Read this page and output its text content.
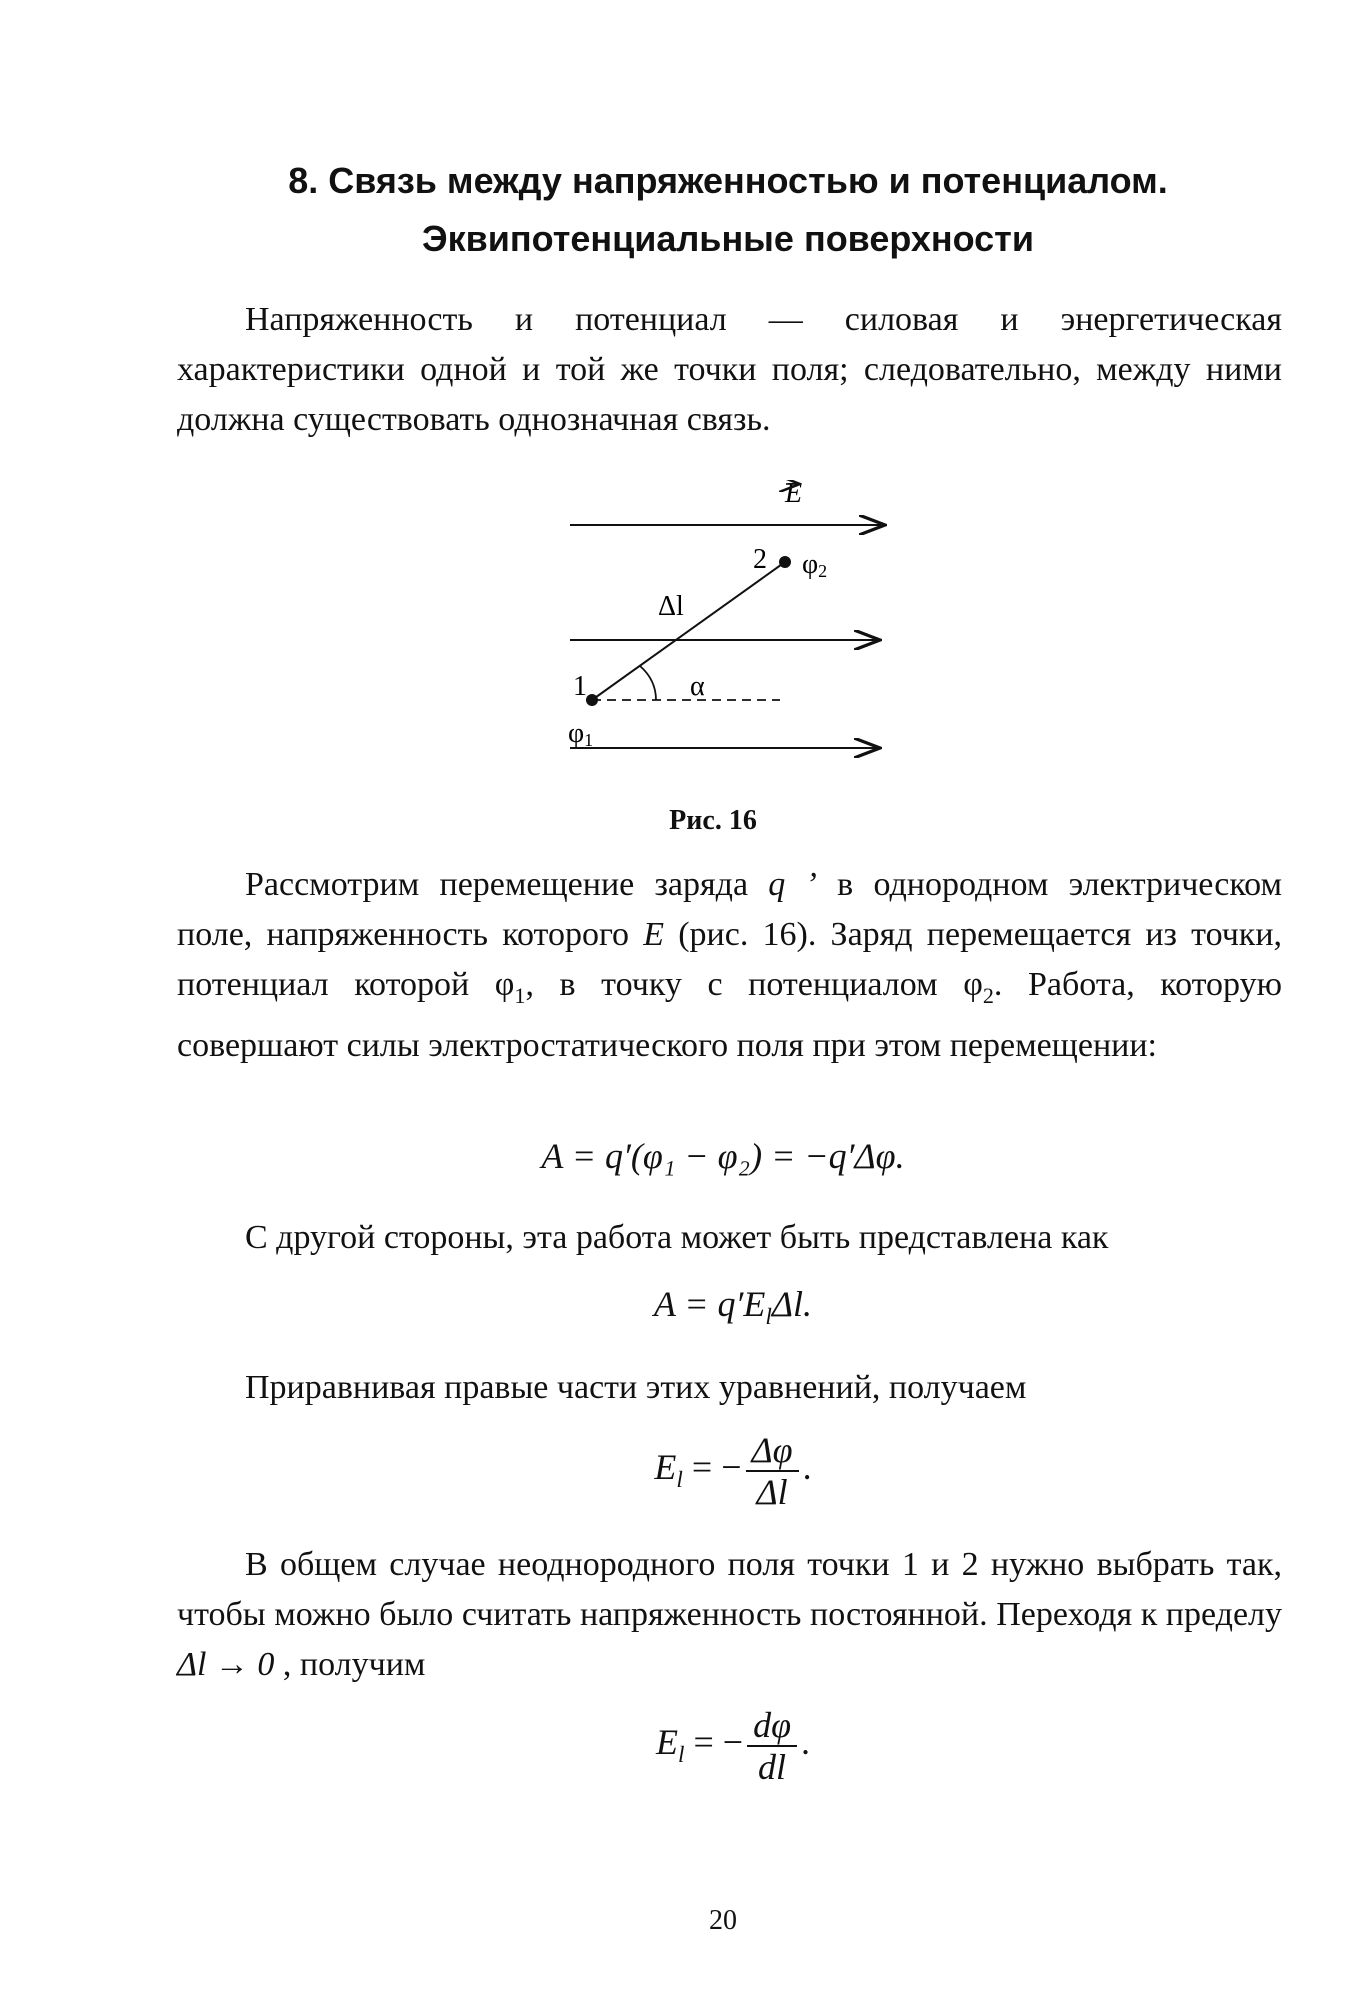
8. Связь между напряженностью и потенциалом.
Эквипотенциальные поверхности
Напряженность и потенциал — силовая и энергетическая характеристики одной и той же точки поля; следовательно, между ними должна существовать однозначная связь.
E
2 φ2
Δl
1	α
φ1
Рис. 16
Рассмотрим перемещение заряда q ’ в однородном электрическом поле, напряженность которого E (рис. 16). Заряд перемещается из точки, потенциал которой $\varphi_1$, в точку с потенциалом $\varphi_2$. Работа, которую совершают силы электростатического поля при этом перемещении:
A = q′(φ₁ − φ₂) = −q′Δφ.
С другой стороны, эта работа может быть представлена как
$A = q'E_l\Delta l$.
Приравнивая правые части этих уравнений, получаем
$E_l$ = − $\frac{\Delta\varphi}{\Delta l}$ .
В общем случае неоднородного поля точки 1 и 2 нужно выбрать так, чтобы можно было считать напряженность постоянной. Переходя к пределу Δl → 0 , получим
$E_l$ = − $\frac{d\varphi}{dl}$ .
20
